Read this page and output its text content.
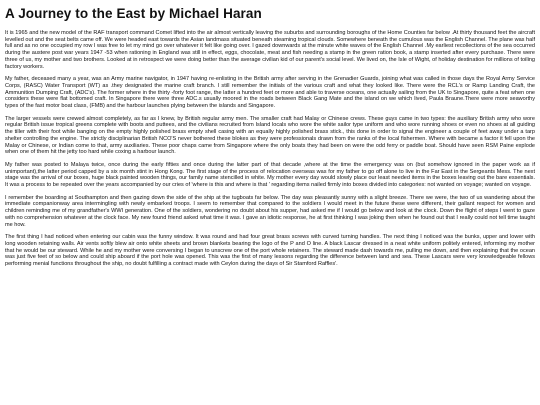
A Journey to the East by Michael Haran

It is 1965 and the new model of the RAF transport command Comet lifted into the air almost vertically leaving the suburbs and surrounding boroughs of the Home Counties far below .At thirty thousand feet the aircraft levelled out and the seat belts came off. We were headed east towards the Asian landmass situated beneath steaming tropical clouds. Somewhere beneath the cumulous was the English Channel. The plane was half full and as no one occupied my row I was free to let my mind go over whatever it felt like going over. I gazed downwards at the minute white waves of the English Channel .My earliest recollections of the sea occurred during the austere post war years 1947 -53 when rationing in England was still in effect, eggs, chocolate, meat and fish needing a stamp in the green ration book, a stamp inserted after every purchase. There were three of us, my mother and two brothers. Looked at in retrospect we were doing better than the average civilian kid of our parent's social level. We lived on, the Isle of Wight, of holiday destination for millions of toiling factory workers.

My father, deceased many a year, was an Army marine navigator, in 1947 having re-enlisting in the British army after serving in the Grenadier Guards, joining what was called in those days the Royal Army Service Corps, (RASC) Water Transport (WT) as .they designated the marine craft branch. I still remember the initials of the various craft and what they looked like. There were the RCL's or Ramp Landing Craft, the Ammunition Dumping Craft, (ADC's). The former where in the thirty -forty foot range, the latter a hundred feet or more and able to traverse oceans, one actually sailing from the UK to Singapore, quite a feat when one considers these were flat bottomed craft. In Singapore there were three ADC.s usually moored in the roads between Black Gang Mate and the island on we which lived, Paula Braune.There were more seaworthy types of the fast motor boat class, (FMB) and the harbour launches plying between the islands and Singapore.

The larger vessels were crewed almost completely, as far as I knew, by British regular army men. The smaller craft had Malay or Chinese crews. These guys came in two types: the auxiliary British army who wore regular British issue tropical greens complete with boots and puttees, and the civilians recruited from Island locals who wore the white sailor type uniform and who wore running shoes or even no shoes at all guiding the tiller with their foot while banging on the empty highly polished brass empty shell casing with an equally highly polished brass stick., this done in order to signal the engineer a couple of feet away under a tarp shelter controlling the engine. The strictly disciplinarian British NCO'S never bothered these blokes as they were professionals drawn from the ranks of the local fishermen. Where with became a factor it fell upon the Malay or Chinese, or Indian come to that, army auxiliaries. These poor chaps came from Singapore where the only boats they had been on were the odd ferry or paddle boat. Should have seen RSM Paine explode when one of them hit the jetty too hard while coxing a harbour launch.

My father was posted to Malaya twice, once during the early fifties and once during the latter part of that decade ,where at the time the emergency was on (but somehow ignored in the paper work as if unimportant),the latter period capped by a six month stint in Hong Kong. The first stage of the process of relocation overseas was for my father to go off alone to live in the Far East in the Sergeants Mess. The next stage was the arrival of our boxes, huge black painted wooden things, our family name stencilled in white. My mother every day would slowly place our least needed items in the boxes leaving out the bare essentials. It was a process to be repeated over the years accompanied by our cries of 'where is this and where is that ' regarding items nailed firmly into boxes divided into categories: not wanted on voyage; wanted on voyage.

I remember the boarding at Southampton and then gazing down the side of the ship at the tugboats far below. The day was pleasantly sunny with a slight breeze. There we were, the two of us wandering about the immediate companionway area intermingling with newly embarked troops. I seem to remember that compared to the soldiers I would meet in the future these were different, their gallant respect for women and children reminding me of my grandfather's WWI generation. One of the soldiers, wondering no doubt about his supper, had asked me if I would go below and look at the clock. Down the flight of steps I went to gaze with no comprehension whatever at the clock face. My new found friend asked what time it was. I gave an idiotic response, he at first thinking I was joking then when he found out that I really could not tell time taught me how.

The first thing I had noticed when entering our cabin was the funny window. It was round and had four great brass screws with curved turning handles. The next thing I noticed was the bunks, upper and lower with long wooden retaining walls. Air vents softly blew air onto white sheets and brown blankets bearing the logo of the P and O line. A black Lascar dressed in a neat white uniform politely entered, informing my mother that he would be our steward. While he and my mother were conversing I began to unscrew one of the port whole retainers. The steward made dash towards me, pulling me down, and then explaining that the ocean was just five feet of so below and could ship aboard if the port hole was opened. This was the first of many lessons regarding the difference between land and sea. These Lascars were very knowledgeable fellows performing menial functions throughout the ship, no doubt fulfilling a contract made with Ceylon during the days of Sir Stamford Raffles'.
